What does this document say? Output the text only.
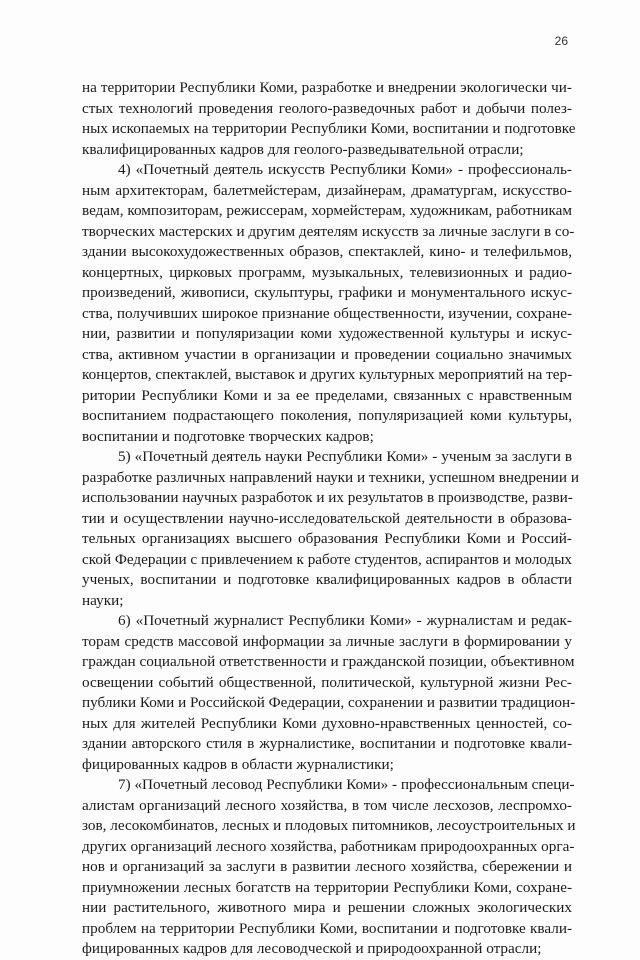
26
на территории Республики Коми, разработке и внедрении экологически чи-
стых технологий проведения геолого-разведочных работ и добычи полез-
ных ископаемых на территории Республики Коми, воспитании и подготовке
квалифицированных кадров для геолого-разведывательной отрасли;
4) «Почетный деятель искусств Республики Коми» - профессиональ-
ным архитекторам, балетмейстерам, дизайнерам, драматургам, искусство-
ведам, композиторам, режиссерам, хормейстерам, художникам, работникам
творческих мастерских и другим деятелям искусств за личные заслуги в со-
здании высокохудожественных образов, спектаклей, кино- и телефильмов,
концертных, цирковых программ, музыкальных, телевизионных и радио-
произведений, живописи, скульптуры, графики и монументального искус-
ства, получивших широкое признание общественности, изучении, сохране-
нии, развитии и популяризации коми художественной культуры и искус-
ства, активном участии в организации и проведении социально значимых
концертов, спектаклей, выставок и других культурных мероприятий на тер-
ритории Республики Коми и за ее пределами, связанных с нравственным
воспитанием подрастающего поколения, популяризацией коми культуры,
воспитании и подготовке творческих кадров;
5) «Почетный деятель науки Республики Коми» - ученым за заслуги в
разработке различных направлений науки и техники, успешном внедрении и
использовании научных разработок и их результатов в производстве, разви-
тии и осуществлении научно-исследовательской деятельности в образова-
тельных организациях высшего образования Республики Коми и Россий-
ской Федерации с привлечением к работе студентов, аспирантов и молодых
ученых, воспитании и подготовке квалифицированных кадров в области
науки;
6) «Почетный журналист Республики Коми» - журналистам и редак-
торам средств массовой информации за личные заслуги в формировании у
граждан социальной ответственности и гражданской позиции, объективном
освещении событий общественной, политической, культурной жизни Рес-
публики Коми и Российской Федерации, сохранении и развитии традицион-
ных для жителей Республики Коми духовно-нравственных ценностей, со-
здании авторского стиля в журналистике, воспитании и подготовке квали-
фицированных кадров в области журналистики;
7) «Почетный лесовод Республики Коми» - профессиональным специ-
алистам организаций лесного хозяйства, в том числе лесхозов, леспромхо-
зов, лесокомбинатов, лесных и плодовых питомников, лесоустроительных и
других организаций лесного хозяйства, работникам природоохранных орга-
нов и организаций за заслуги в развитии лесного хозяйства, сбережении и
приумножении лесных богатств на территории Республики Коми, сохране-
нии растительного, животного мира и решении сложных экологических
проблем на территории Республики Коми, воспитании и подготовке квали-
фицированных кадров для лесоводческой и природоохранной отрасли;
